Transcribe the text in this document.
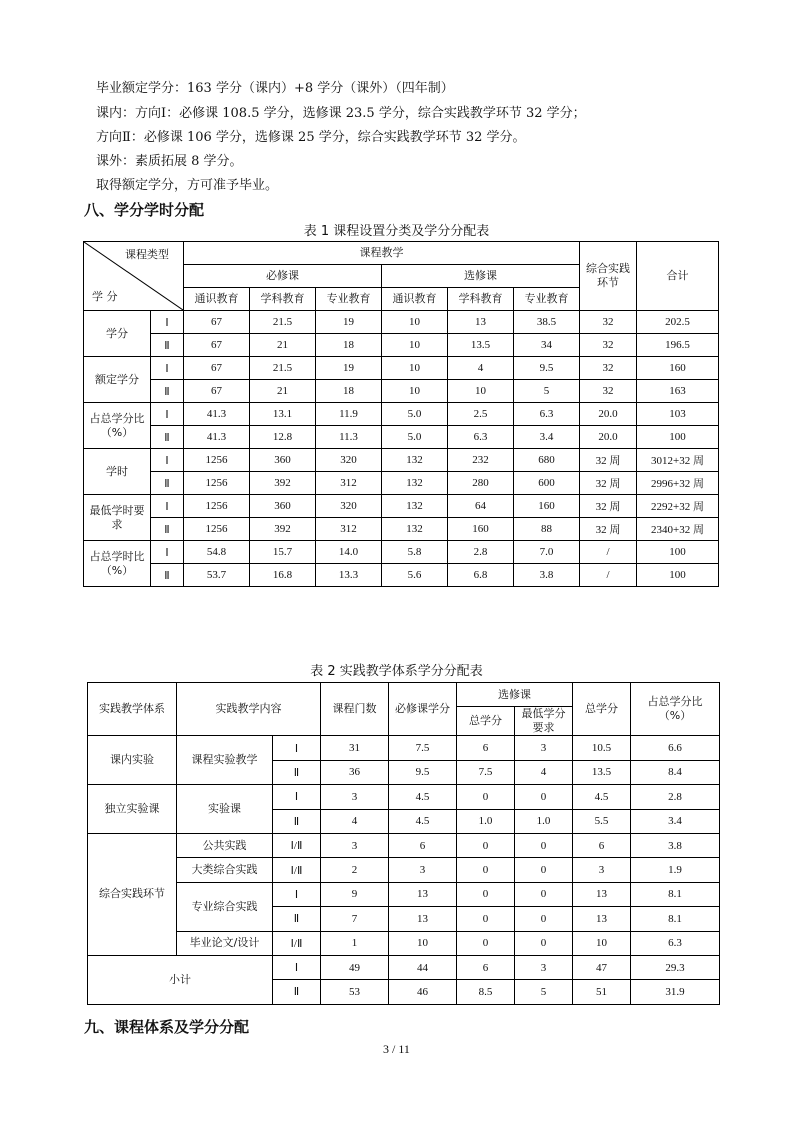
毕业额定学分：163 学分（课内）+8 学分（课外）（四年制）
课内：方向Ⅰ：必修课 108.5 学分，选修课 23.5 学分，综合实践教学环节 32 学分；
方向Ⅱ：必修课 106 学分，选修课 25 学分，综合实践教学环节 32 学分。
课外：素质拓展 8 学分。
取得额定学分，方可准予毕业。
八、学分学时分配
表 1 课程设置分类及学分分配表
课程类型
学 分		课程教学						综合实践环节	合计
		必修课			选修课				
		通识教育	学科教育	专业教育	通识教育	学科教育	专业教育		
学分	Ⅰ	67	21.5	19	10	13	38.5	32	202.5
	Ⅱ	67	21	18	10	13.5	34	32	196.5
额定学分	Ⅰ	67	21.5	19	10	4	9.5	32	160
	Ⅱ	67	21	18	10	10	5	32	163
占总学分比（%）	Ⅰ	41.3	13.1	11.9	5.0	2.5	6.3	20.0	103
	Ⅱ	41.3	12.8	11.3	5.0	6.3	3.4	20.0	100
学时	Ⅰ	1256	360	320	132	232	680	32 周	3012+32 周
	Ⅱ	1256	392	312	132	280	600	32 周	2996+32 周
最低学时要求	Ⅰ	1256	360	320	132	64	160	32 周	2292+32 周
	Ⅱ	1256	392	312	132	160	88	32 周	2340+32 周
占总学时比（%）	Ⅰ	54.8	15.7	14.0	5.8	2.8	7.0	/	100
	Ⅱ	53.7	16.8	13.3	5.6	6.8	3.8	/	100
表 2 实践教学体系学分分配表
实践教学体系	实践教学内容		课程门数	必修课学分	选修课		总学分	占总学分比（%）
					总学分	最低学分要求		
课内实验	课程实验教学	Ⅰ	31	7.5	6	3	10.5	6.6
		Ⅱ	36	9.5	7.5	4	13.5	8.4
独立实验课	实验课	Ⅰ	3	4.5	0	0	4.5	2.8
		Ⅱ	4	4.5	1.0	1.0	5.5	3.4
综合实践环节	公共实践	Ⅰ/Ⅱ	3	6	0	0	6	3.8
	大类综合实践	Ⅰ/Ⅱ	2	3	0	0	3	1.9
	专业综合实践	Ⅰ	9	13	0	0	13	8.1
		Ⅱ	7	13	0	0	13	8.1
	毕业论文/设计	Ⅰ/Ⅱ	1	10	0	0	10	6.3
小计		Ⅰ	49	44	6	3	47	29.3
		Ⅱ	53	46	8.5	5	51	31.9
九、课程体系及学分分配
3 / 11
